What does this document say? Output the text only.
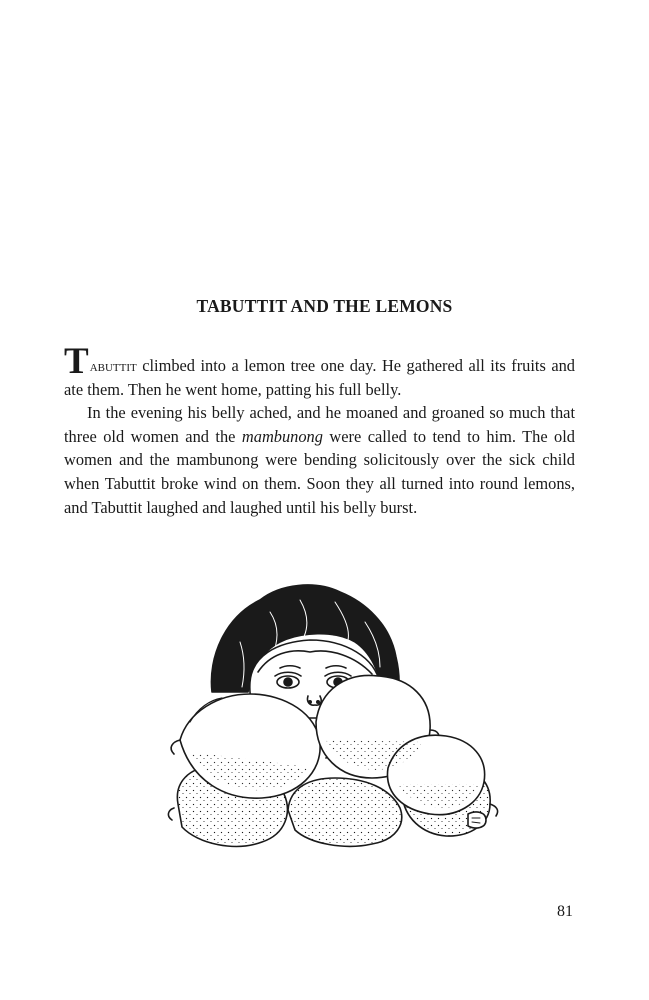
TABUTTIT AND THE LEMONS

Tabuttit climbed into a lemon tree one day. He gathered all its fruits and ate them. Then he went home, patting his full belly.

In the evening his belly ached, and he moaned and groaned so much that three old women and the mambunong were called to tend to him. The old women and the mambunong were bending solicitously over the sick child when Tabuttit broke wind on them. Soon they all turned into round lemons, and Tabuttit laughed and laughed until his belly burst.

81
